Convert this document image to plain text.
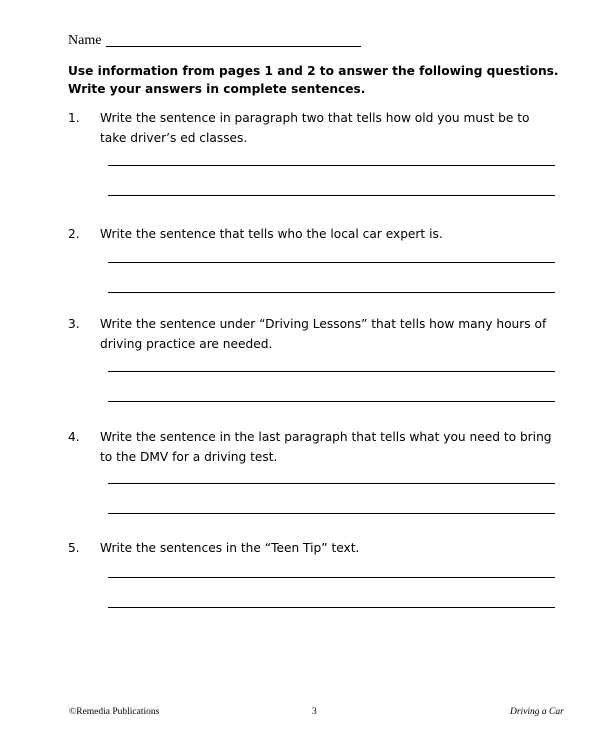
Name
Use information from pages 1 and 2 to answer the following questions.
Write your answers in complete sentences.
1. Write the sentence in paragraph two that tells how old you must be to take driver’s ed classes.
2. Write the sentence that tells who the local car expert is.
3. Write the sentence under “Driving Lessons” that tells how many hours of driving practice are needed.
4. Write the sentence in the last paragraph that tells what you need to bring to the DMV for a driving test.
5. Write the sentences in the “Teen Tip” text.
©Remedia Publications	3	Driving a Car
